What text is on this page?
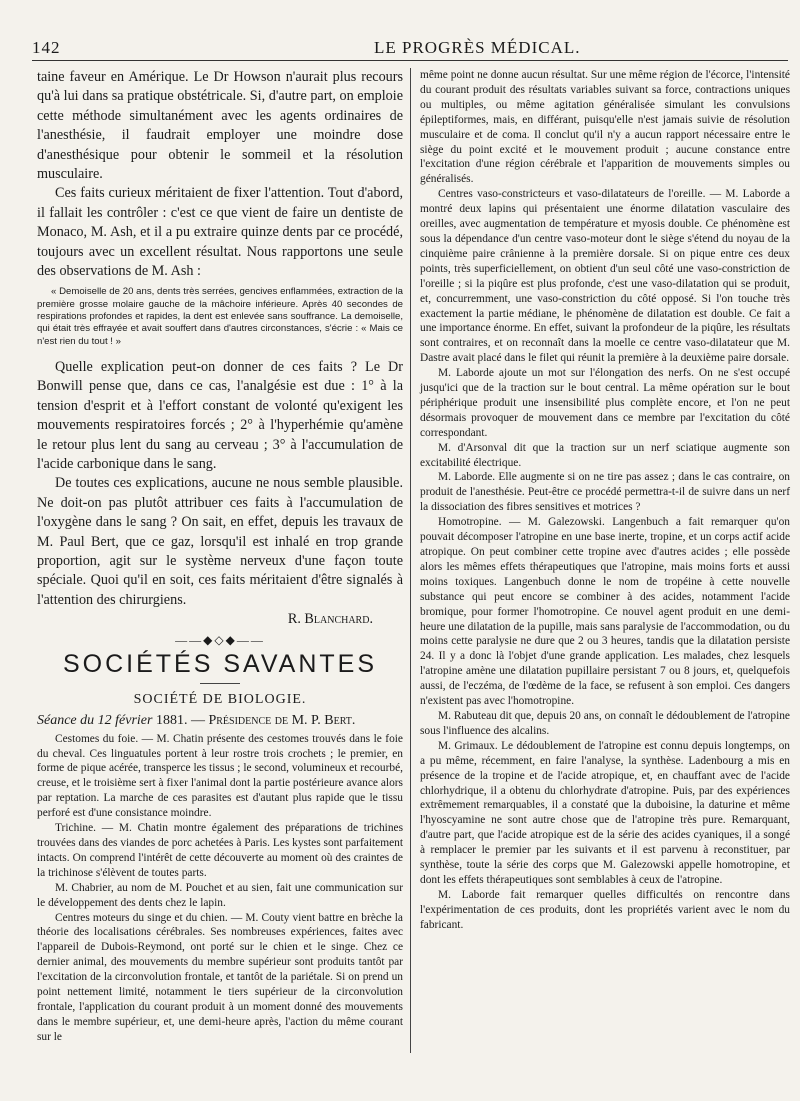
142	LE PROGRÈS MÉDICAL.

taine faveur en Amérique. Le Dr Howson n'aurait plus recours qu'à lui dans sa pratique obstétricale. Si, d'autre part, on emploie cette méthode simultanément avec les agents ordinaires de l'anesthésie, il faudrait employer une moindre dose d'anesthésique pour obtenir le sommeil et la résolution musculaire.

Ces faits curieux méritaient de fixer l'attention. Tout d'abord, il fallait les contrôler : c'est ce que vient de faire un dentiste de Monaco, M. Ash, et il a pu extraire quinze dents par ce procédé, toujours avec un excellent résultat. Nous rapportons une seule des observations de M. Ash :

« Demoiselle de 20 ans, dents très serrées, gencives enflammées, extraction de la première grosse molaire gauche de la mâchoire inférieure. Après 40 secondes de respirations profondes et rapides, la dent est enlevée sans souffrance. La demoiselle, qui était très effrayée et avait souffert dans d'autres circonstances, s'écrie : « Mais ce n'est rien du tout ! »

Quelle explication peut-on donner de ces faits ? Le Dr Bonwill pense que, dans ce cas, l'analgésie est due : 1° à la tension d'esprit et à l'effort constant de volonté qu'exigent les mouvements respiratoires forcés ; 2° à l'hyperhémie qu'amène le retour plus lent du sang au cerveau ; 3° à l'accumulation de l'acide carbonique dans le sang.

De toutes ces explications, aucune ne nous semble plausible. Ne doit-on pas plutôt attribuer ces faits à l'accumulation de l'oxygène dans le sang ? On sait, en effet, depuis les travaux de M. Paul Bert, que ce gaz, lorsqu'il est inhalé en trop grande proportion, agit sur le système nerveux d'une façon toute spéciale. Quoi qu'il en soit, ces faits méritaient d'être signalés à l'attention des chirurgiens.

R. Blanchard.

——◆◇◆——
SOCIÉTÉS SAVANTES
SOCIÉTÉ DE BIOLOGIE.
Séance du 12 février 1881. — Présidence de M. P. Bert.

Cestomes du foie. — M. Chatin présente des cestomes trouvés dans le foie du cheval. Ces linguatules portent à leur rostre trois crochets ; le premier, en forme de pique acérée, transperce les tissus ; le second, volumineux et recourbé, creuse, et le troisième sert à fixer l'animal dont la partie postérieure avance alors par reptation. La marche de ces parasites est d'autant plus rapide que le tissu perforé est d'une consistance moindre.

Trichine. — M. Chatin montre également des préparations de trichines trouvées dans des viandes de porc achetées à Paris. Les kystes sont parfaitement intacts. On comprend l'intérêt de cette découverte au moment où des craintes de la trichinose s'élèvent de toutes parts.

M. Chabrier, au nom de M. Pouchet et au sien, fait une communication sur le développement des dents chez le lapin.

Centres moteurs du singe et du chien. — M. Couty vient battre en brèche la théorie des localisations cérébrales. Ses nombreuses expériences, faites avec l'appareil de Dubois-Reymond, ont porté sur le chien et le singe. Chez ce dernier animal, des mouvements du membre supérieur sont produits tantôt par l'excitation de la circonvolution frontale, et tantôt de la pariétale. Si on prend un point nettement limité, notamment le tiers supérieur de la circonvolution frontale, l'application du courant produit à un moment donné des mouvements dans le membre supérieur, et, une demi-heure après, l'action du même courant sur le

même point ne donne aucun résultat. Sur une même région de l'écorce, l'intensité du courant produit des résultats variables suivant sa force, contractions uniques ou multiples, ou même agitation généralisée simulant les convulsions épileptiformes, mais, en différant, puisqu'elle n'est jamais suivie de résolution musculaire et de coma. Il conclut qu'il n'y a aucun rapport nécessaire entre le siège du point excité et le mouvement produit ; aucune constance entre l'excitation d'une région cérébrale et l'apparition de mouvements simples ou généralisés.

Centres vaso-constricteurs et vaso-dilatateurs de l'oreille. — M. Laborde a montré deux lapins qui présentaient une énorme dilatation vasculaire des oreilles, avec augmentation de température et myosis double. Ce phénomène est sous la dépendance d'un centre vaso-moteur dont le siège s'étend du noyau de la cinquième paire crânienne à la première dorsale. Si on pique entre ces deux points, très superficiellement, on obtient d'un seul côté une vaso-constriction de l'oreille ; si la piqûre est plus profonde, c'est une vaso-dilatation qui se produit, et, concurremment, une vaso-constriction du côté opposé. Si l'on touche très exactement la partie médiane, le phénomène de dilatation est double. Ce fait a une importance énorme. En effet, suivant la profondeur de la piqûre, les résultats sont contraires, et on reconnaît dans la moelle ce centre vaso-dilatateur que M. Dastre avait placé dans le filet qui réunit la première à la deuxième paire dorsale.

M. Laborde ajoute un mot sur l'élongation des nerfs. On ne s'est occupé jusqu'ici que de la traction sur le bout central. La même opération sur le bout périphérique produit une insensibilité plus complète encore, et l'on ne peut désormais provoquer de mouvement dans ce membre par l'excitation du côté correspondant.

M. d'Arsonval dit que la traction sur un nerf sciatique augmente son excitabilité électrique.

M. Laborde. Elle augmente si on ne tire pas assez ; dans le cas contraire, on produit de l'anesthésie. Peut-être ce procédé permettra-t-il de suivre dans un nerf la dissociation des fibres sensitives et motrices ?

Homotropine. — M. Galezowski. Langenbuch a fait remarquer qu'on pouvait décomposer l'atropine en une base inerte, tropine, et un corps actif acide atropique. On peut combiner cette tropine avec d'autres acides ; elle possède alors les mêmes effets thérapeutiques que l'atropine, mais moins forts et aussi moins toxiques. Langenbuch donne le nom de tropéine à cette nouvelle substance qui peut encore se combiner à des acides, notamment l'acide bromique, pour former l'homotropine. Ce nouvel agent produit en une demi-heure une dilatation de la pupille, mais sans paralysie de l'accommodation, ou du moins cette paralysie ne dure que 2 ou 3 heures, tandis que la dilatation persiste 24. Il y a donc là l'objet d'une grande application. Les malades, chez lesquels l'atropine amène une dilatation pupillaire persistant 7 ou 8 jours, et, quelquefois aussi, de l'eczéma, de l'œdème de la face, se refusent à son emploi. Ces dangers n'existent pas avec l'homotropine.

M. Rabuteau dit que, depuis 20 ans, on connaît le dédoublement de l'atropine sous l'influence des alcalins.

M. Grimaux. Le dédoublement de l'atropine est connu depuis longtemps, on a pu même, récemment, en faire l'analyse, la synthèse. Ladenbourg a mis en présence de la tropine et de l'acide atropique, et, en chauffant avec de l'acide chlorhydrique, il a obtenu du chlorhydrate d'atropine. Puis, par des expériences extrêmement remarquables, il a constaté que la duboisine, la daturine et même l'hyoscyamine ne sont autre chose que de l'atropine très pure. Remarquant, d'autre part, que l'acide atropique est de la série des acides cyaniques, il a songé à remplacer le premier par les suivants et il est parvenu à reconstituer, par synthèse, toute la série des corps que M. Galezowski appelle homotropine, et dont les effets thérapeutiques sont semblables à ceux de l'atropine.

M. Laborde fait remarquer quelles difficultés on rencontre dans l'expérimentation de ces produits, dont les propriétés varient avec le nom du fabricant.
